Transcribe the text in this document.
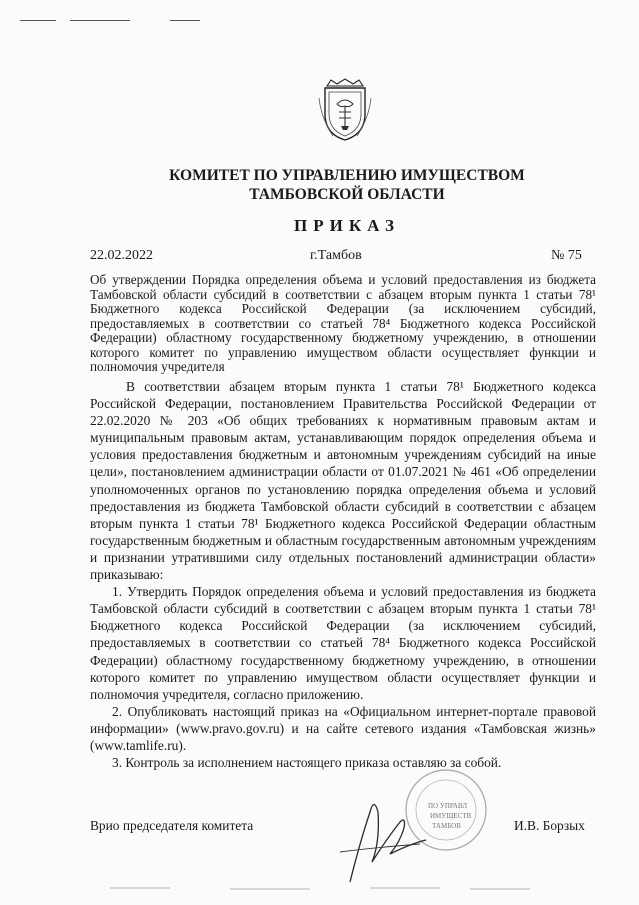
КОМИТЕТ ПО УПРАВЛЕНИЮ ИМУЩЕСТВОМ
ТАМБОВСКОЙ ОБЛАСТИ
ПРИКАЗ
22.02.2022	г.Тамбов	№ 75
Об утверждении Порядка определения объема и условий предоставления из бюджета Тамбовской области субсидий в соответствии с абзацем вторым пункта 1 статьи 78¹ Бюджетного кодекса Российской Федерации (за исключением субсидий, предоставляемых в соответствии со статьей 78⁴ Бюджетного кодекса Российской Федерации) областному государственному бюджетному учреждению, в отношении которого комитет по управлению имуществом области осуществляет функции и полномочия учредителя

В соответствии абзацем вторым пункта 1 статьи 78¹ Бюджетного кодекса Российской Федерации, постановлением Правительства Российской Федерации от 22.02.2020 № 203 «Об общих требованиях к нормативным правовым актам и муниципальным правовым актам, устанавливающим порядок определения объема и условия предоставления бюджетным и автономным учреждениям субсидий на иные цели», постановлением администрации области от 01.07.2021 № 461 «Об определении уполномоченных органов по установлению порядка определения объема и условий предоставления из бюджета Тамбовской области субсидий в соответствии с абзацем вторым пункта 1 статьи 78¹ Бюджетного кодекса Российской Федерации областным государственным бюджетным и областным государственным автономным учреждениям и признании утратившими силу отдельных постановлений администрации области» приказываю:

1. Утвердить Порядок определения объема и условий предоставления из бюджета Тамбовской области субсидий в соответствии с абзацем вторым пункта 1 статьи 78¹ Бюджетного кодекса Российской Федерации (за исключением субсидий, предоставляемых в соответствии со статьей 78⁴ Бюджетного кодекса Российской Федерации) областному государственному бюджетному учреждению, в отношении которого комитет по управлению имуществом области осуществляет функции и полномочия учредителя, согласно приложению.

2. Опубликовать настоящий приказ на «Официальном интернет-портале правовой информации» (www.pravo.gov.ru) и на сайте сетевого издания «Тамбовская жизнь» (www.tamlife.ru).

3. Контроль за исполнением настоящего приказа оставляю за собой.

ПО УПРАВЛ
ИМУЩЕСТВ
ТАМБОВ
Врио председателя комитета	И.В. Борзых
